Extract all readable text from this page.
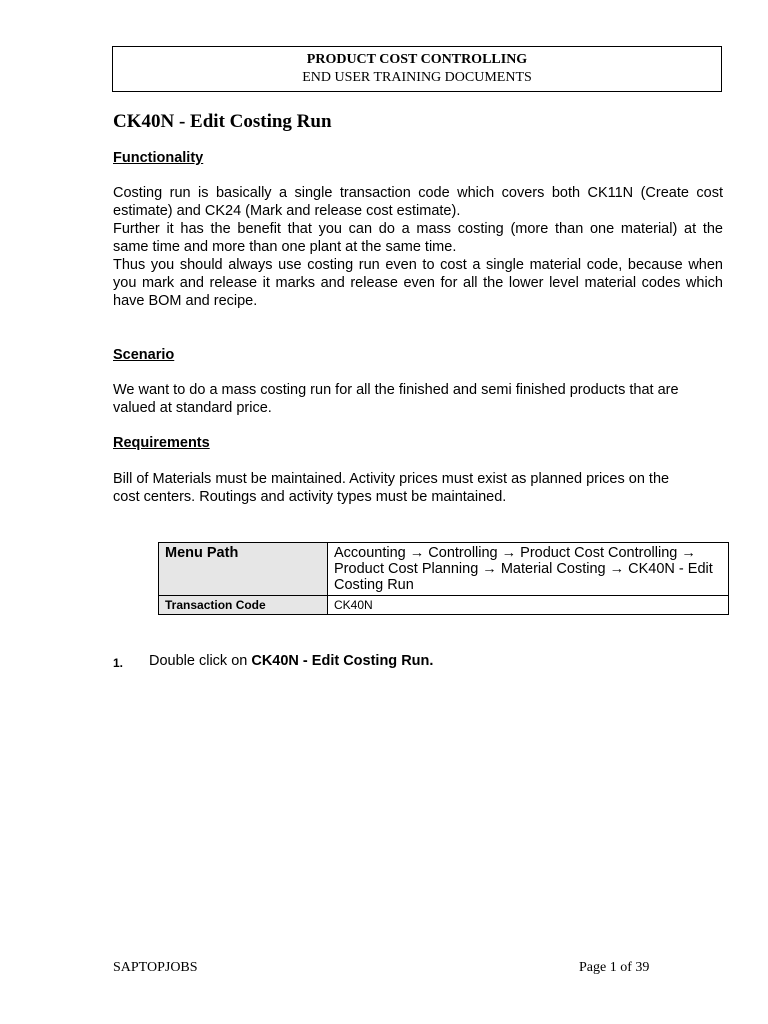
PRODUCT COST CONTROLLING
END USER TRAINING DOCUMENTS
CK40N - Edit Costing Run
Functionality

Costing run is basically a single transaction code which covers both CK11N (Create cost
estimate) and CK24 (Mark and release cost estimate).
Further it has the benefit that you can do a mass costing (more than one material) at the
same time and more than one plant at the same time.
Thus you should always use costing run even to cost a single material code, because when
you mark and release it marks and release even for all the lower level material codes which
have BOM and recipe.

Scenario

We want to do a mass costing run for all the finished and semi finished products that are
valued at standard price.

Requirements

Bill of Materials must be maintained. Activity prices must exist as planned prices on the
cost centers. Routings and activity types must be maintained.

Menu Path	Accounting → Controlling → Product Cost Controlling → Product Cost Planning → Material Costing → CK40N - Edit Costing Run
Transaction Code	CK40N
1. Double click on CK40N - Edit Costing Run.
SAPTOPJOBS	Page 1 of 39
